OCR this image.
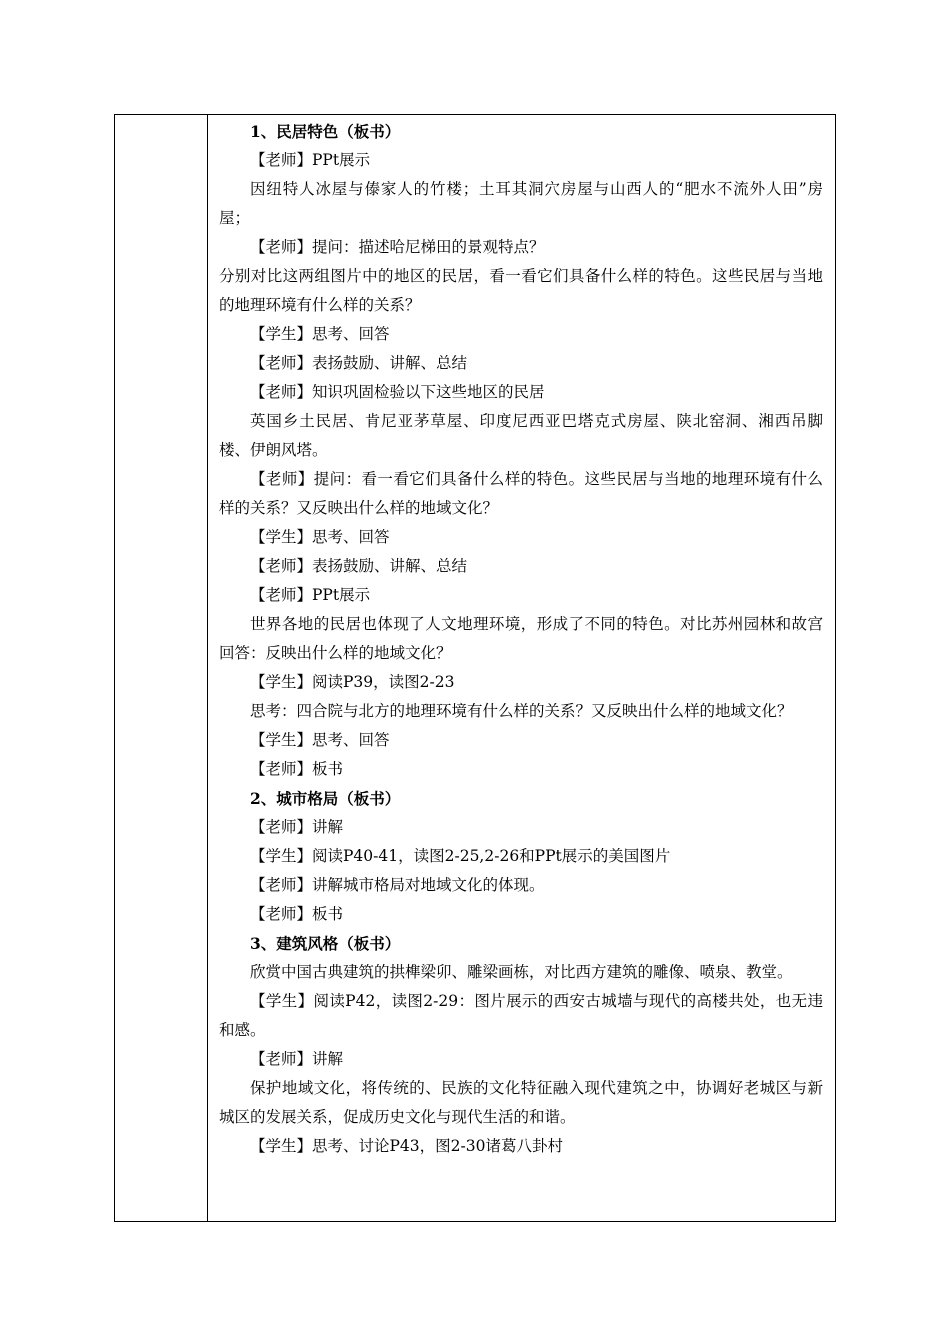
1、民居特色（板书）

【老师】PPt展示

因纽特人冰屋与傣家人的竹楼；土耳其洞穴房屋与山西人的“肥水不流外人田”房屋；

【老师】提问：描述哈尼梯田的景观特点？

分别对比这两组图片中的地区的民居，看一看它们具备什么样的特色。这些民居与当地的地理环境有什么样的关系？

【学生】思考、回答

【老师】表扬鼓励、讲解、总结

【老师】知识巩固检验以下这些地区的民居

英国乡土民居、肯尼亚茅草屋、印度尼西亚巴塔克式房屋、陕北窑洞、湘西吊脚楼、伊朗风塔。

【老师】提问：看一看它们具备什么样的特色。这些民居与当地的地理环境有什么样的关系？又反映出什么样的地域文化？

【学生】思考、回答

【老师】表扬鼓励、讲解、总结

【老师】PPt展示

世界各地的民居也体现了人文地理环境，形成了不同的特色。对比苏州园林和故宫回答：反映出什么样的地域文化？

【学生】阅读P39，读图2-23

思考：四合院与北方的地理环境有什么样的关系？又反映出什么样的地域文化？

【学生】思考、回答

【老师】板书

2、城市格局（板书）

【老师】讲解

【学生】阅读P40-41，读图2-25,2-26和PPt展示的美国图片

【老师】讲解城市格局对地域文化的体现。

【老师】板书

3、建筑风格（板书）

欣赏中国古典建筑的拱榫梁卯、雕梁画栋，对比西方建筑的雕像、喷泉、教堂。

【学生】阅读P42，读图2-29：图片展示的西安古城墙与现代的高楼共处，也无违和感。

【老师】讲解

保护地域文化，将传统的、民族的文化特征融入现代建筑之中，协调好老城区与新城区的发展关系，促成历史文化与现代生活的和谐。

【学生】思考、讨论P43，图2-30诸葛八卦村
